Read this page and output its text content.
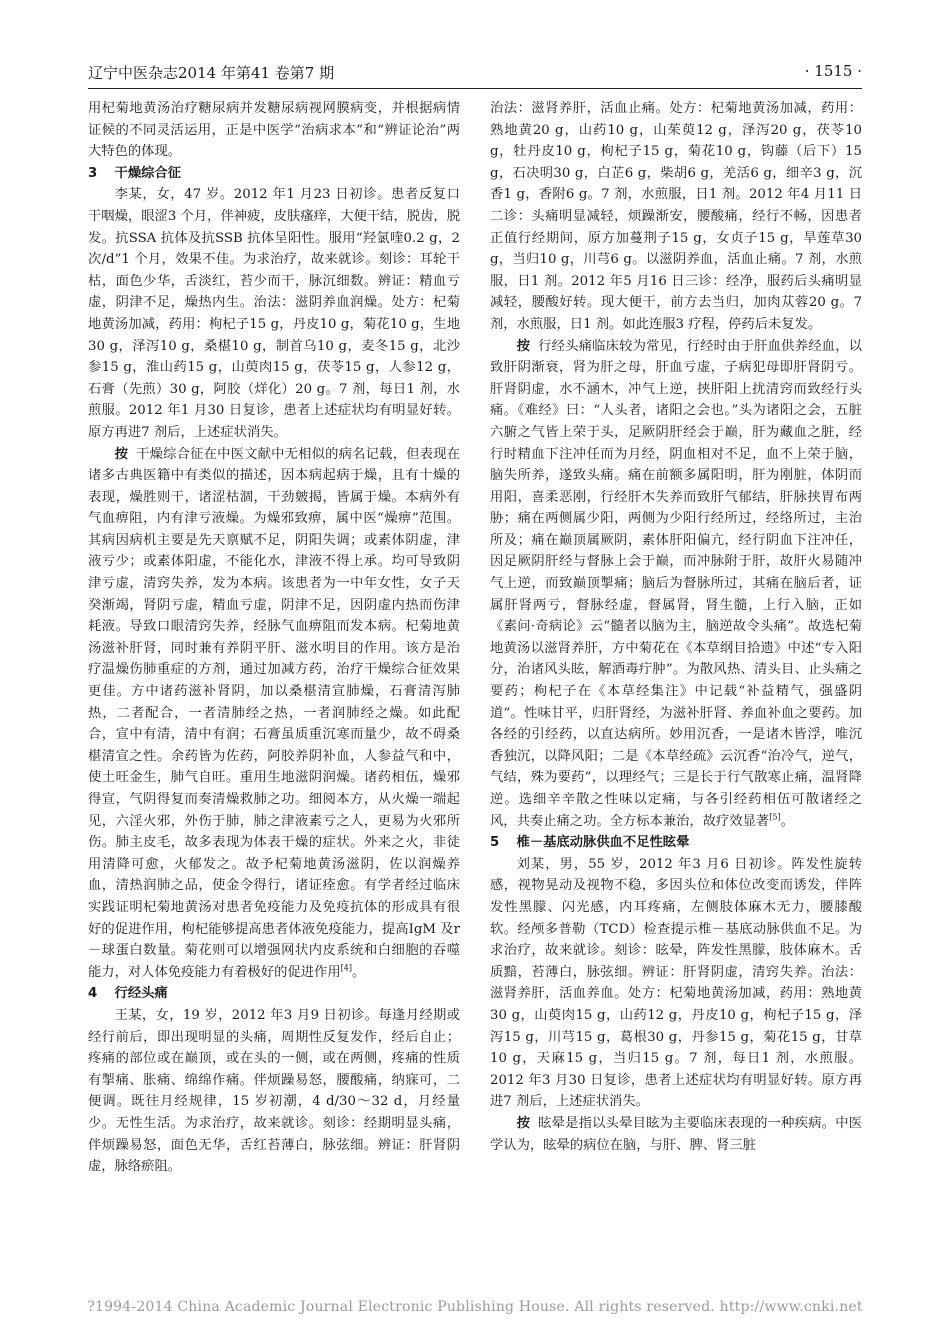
辽宁中医杂志2014 年第41 卷第7 期	· 1515 ·

用杞菊地黄汤治疗糖尿病并发糖尿病视网膜病变，并根据病情证候的不同灵活运用，正是中医学“治病求本”和“辨证论治”两大特色的体现。

3 干燥综合征

李某，女，47 岁。2012 年1 月23 日初诊。患者反复口干咽燥，眼涩3 个月，伴神疲，皮肤瘙痒，大便干结，脱齿，脱发。抗SSA 抗体及抗SSB 抗体呈阳性。服用“羟氯喹0.2 g，2 次/d”1 个月，效果不佳。为求治疗，故来就诊。刻诊：耳轮干枯，面色少华，舌淡红，苔少而干，脉沉细数。辨证：精血亏虚，阴津不足，燥热内生。治法：滋阴养血润燥。处方：杞菊地黄汤加减，药用：枸杞子15 g，丹皮10 g，菊花10 g，生地30 g，泽泻10 g，桑椹10 g，制首乌10 g，麦冬15 g，北沙参15 g，淮山药15 g，山萸肉15 g，茯苓15 g，人参12 g，石膏（先煎）30 g，阿胶（烊化）20 g。7 剂，每日1 剂，水煎服。2012 年1 月30 日复诊，患者上述症状均有明显好转。原方再进7 剂后，上述症状消失。

按 干燥综合征在中医文献中无相似的病名记载，但表现在诸多古典医籍中有类似的描述，因本病起病于燥，且有十燥的表现，燥胜则干，诸涩枯涸，干劲皴揭，皆属于燥。本病外有气血痹阻，内有津亏液燥。为燥邪致痹，属中医“燥痹”范围。其病因病机主要是先天禀赋不足，阴阳失调；或素体阴虚，津液亏少；或素体阳虚，不能化水，津液不得上承。均可导致阴津亏虚，清窍失养，发为本病。该患者为一中年女性，女子天癸渐竭，肾阴亏虚，精血亏虚，阴津不足，因阴虚内热而伤津耗液。导致口眼清窍失养，经脉气血痹阻而发本病。杞菊地黄汤滋补肝肾，同时兼有养阴平肝、滋水明目的作用。该方是治疗温燥伤肺重症的方剂，通过加减方药，治疗干燥综合征效果更佳。方中诸药滋补肾阴，加以桑椹清宣肺燥，石膏清泻肺热，二者配合，一者清肺经之热，一者润肺经之燥。如此配合，宣中有清，清中有润；石膏虽质重沉寒而量少，故不碍桑椹清宣之性。余药皆为佐药，阿胶养阴补血，人参益气和中，使土旺金生，肺气自旺。重用生地滋阴润燥。诸药相伍，燥邪得宣，气阴得复而奏清燥救肺之功。细阅本方，从火燥一端起见，六淫火邪，外伤于肺，肺之津液素亏之人，更易为火邪所伤。肺主皮毛，故多表现为体表干燥的症状。外来之火，非徒用清降可愈，火郁发之。故予杞菊地黄汤滋阴，佐以润燥养血，清热润肺之品，使金令得行，诸证痊愈。有学者经过临床实践证明杞菊地黄汤对患者免疫能力及免疫抗体的形成具有很好的促进作用，枸杞能够提高患者体液免疫能力，提高IgM 及r－球蛋白数量。菊花则可以增强网状内皮系统和白细胞的吞噬能力，对人体免疫能力有着极好的促进作用[4]。

4 行经头痛

王某，女，19 岁，2012 年3 月9 日初诊。每逢月经期或经行前后，即出现明显的头痛，周期性反复发作，经后自止；疼痛的部位或在巅顶，或在头的一侧，或在两侧，疼痛的性质有掣痛、胀痛、绵绵作痛。伴烦躁易怒，腰酸痛，纳寐可，二便调。既往月经规律，15 岁初潮，4 d/30～32 d，月经量少。无性生活。为求治疗，故来就诊。刻诊：经期明显头痛，伴烦躁易怒，面色无华，舌红苔薄白，脉弦细。辨证：肝肾阴虚，脉络瘀阻。

治法：滋肾养肝，活血止痛。处方：杞菊地黄汤加减，药用：熟地黄20 g，山药10 g，山茱萸12 g，泽泻20 g，茯苓10 g，牡丹皮10 g，枸杞子15 g，菊花10 g，钩藤（后下）15 g，石决明30 g，白芷6 g，柴胡6 g，羌活6 g，细辛3 g，沉香1 g，香附6 g。7 剂，水煎服，日1 剂。2012 年4 月11 日二诊：头痛明显减轻，烦躁渐安，腰酸痛，经行不畅，因患者正值行经期间，原方加蔓荆子15 g，女贞子15 g，旱莲草30 g，当归10 g，川芎6 g。以滋阴养血，活血止痛。7 剂，水煎服，日1 剂。2012 年5 月16 日三诊：经净，服药后头痛明显减轻，腰酸好转。现大便干，前方去当归，加肉苁蓉20 g。7 剂，水煎服，日1 剂。如此连服3 疗程，停药后未复发。

按 行经头痛临床较为常见，行经时由于肝血供养经血，以致肝阴渐衰，肾为肝之母，肝血亏虚，子病犯母即肝肾阴亏。肝肾阴虚，水不涵木，冲气上逆，挟肝阳上扰清窍而致经行头痛。《难经》曰：“人头者，诸阳之会也。”头为诸阳之会，五脏六腑之气皆上荣于头，足厥阴肝经会于巅，肝为藏血之脏，经行时精血下注冲任而为月经，阴血相对不足，血不上荣于脑，脑失所养，遂致头痛。痛在前额多属阳明，肝为刚脏，体阴而用阳，喜柔恶刚，行经肝木失养而致肝气郁结，肝脉挟胃布两胁；痛在两侧属少阳，两侧为少阳行经所过，经络所过，主治所及；痛在巅顶属厥阴，素体肝阳偏亢，经行阴血下注冲任，因足厥阴肝经与督脉上会于巅，而冲脉附于肝，故肝火易随冲气上逆，而致巅顶掣痛；脑后为督脉所过，其痛在脑后者，证属肝肾两亏，督脉经虚，督属肾，肾生髓，上行入脑，正如《素问·奇病论》云“髓者以脑为主，脑逆故令头痛”。故选杞菊地黄汤以滋肾养肝，方中菊花在《本草纲目拾遗》中述“专入阳分，治诸风头眩，解酒毒疔肿”。为散风热、清头目、止头痛之要药；枸杞子在《本草经集注》中记载“补益精气，强盛阴道”。性味甘平，归肝肾经，为滋补肝肾、养血补血之要药。加各经的引经药，以直达病所。妙用沉香，一是诸木皆浮，唯沉香独沉，以降风阳；二是《本草经疏》云沉香“治冷气，逆气，气结，殊为要药”，以理经气；三是长于行气散寒止痛，温肾降逆。选细辛辛散之性味以定痛，与各引经药相伍可散诸经之风，共奏止痛之功。全方标本兼治，故疗效显著[5]。

5 椎－基底动脉供血不足性眩晕

刘某，男，55 岁，2012 年3 月6 日初诊。阵发性旋转感，视物晃动及视物不稳，多因头位和体位改变而诱发，伴阵发性黑朦、闪光感，内耳疼痛，左侧肢体麻木无力，腰膝酸软。经颅多普勒（TCD）检查提示椎－基底动脉供血不足。为求治疗，故来就诊。刻诊：眩晕，阵发性黑朦，肢体麻木。舌质黯，苔薄白，脉弦细。辨证：肝肾阴虚，清窍失养。治法：滋肾养肝，活血养血。处方：杞菊地黄汤加减，药用：熟地黄30 g，山萸肉15 g，山药12 g，丹皮10 g，枸杞子15 g，泽泻15 g，川芎15 g，葛根30 g，丹参15 g，菊花15 g，甘草10 g，天麻15 g，当归15 g。7 剂，每日1 剂，水煎服。2012 年3 月30 日复诊，患者上述症状均有明显好转。原方再进7 剂后，上述症状消失。

按 眩晕是指以头晕目眩为主要临床表现的一种疾病。中医学认为，眩晕的病位在脑，与肝、脾、肾三脏

?1994-2014 China Academic Journal Electronic Publishing House. All rights reserved. http://www.cnki.net
